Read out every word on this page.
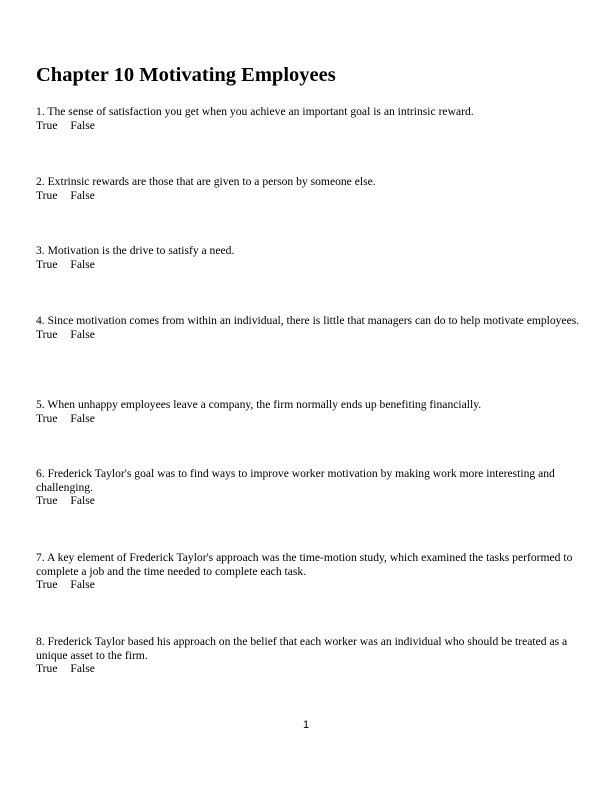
Chapter 10 Motivating Employees

1. The sense of satisfaction you get when you achieve an important goal is an intrinsic reward.

True False

2. Extrinsic rewards are those that are given to a person by someone else.

True False

3. Motivation is the drive to satisfy a need.

True False

4. Since motivation comes from within an individual, there is little that managers can do to help motivate employees.

True False

5. When unhappy employees leave a company, the firm normally ends up benefiting financially.

True False

6. Frederick Taylor's goal was to find ways to improve worker motivation by making work more interesting and challenging.

True False

7. A key element of Frederick Taylor's approach was the time-motion study, which examined the tasks performed to complete a job and the time needed to complete each task.

True False

8. Frederick Taylor based his approach on the belief that each worker was an individual who should be treated as a unique asset to the firm.

True False

1
